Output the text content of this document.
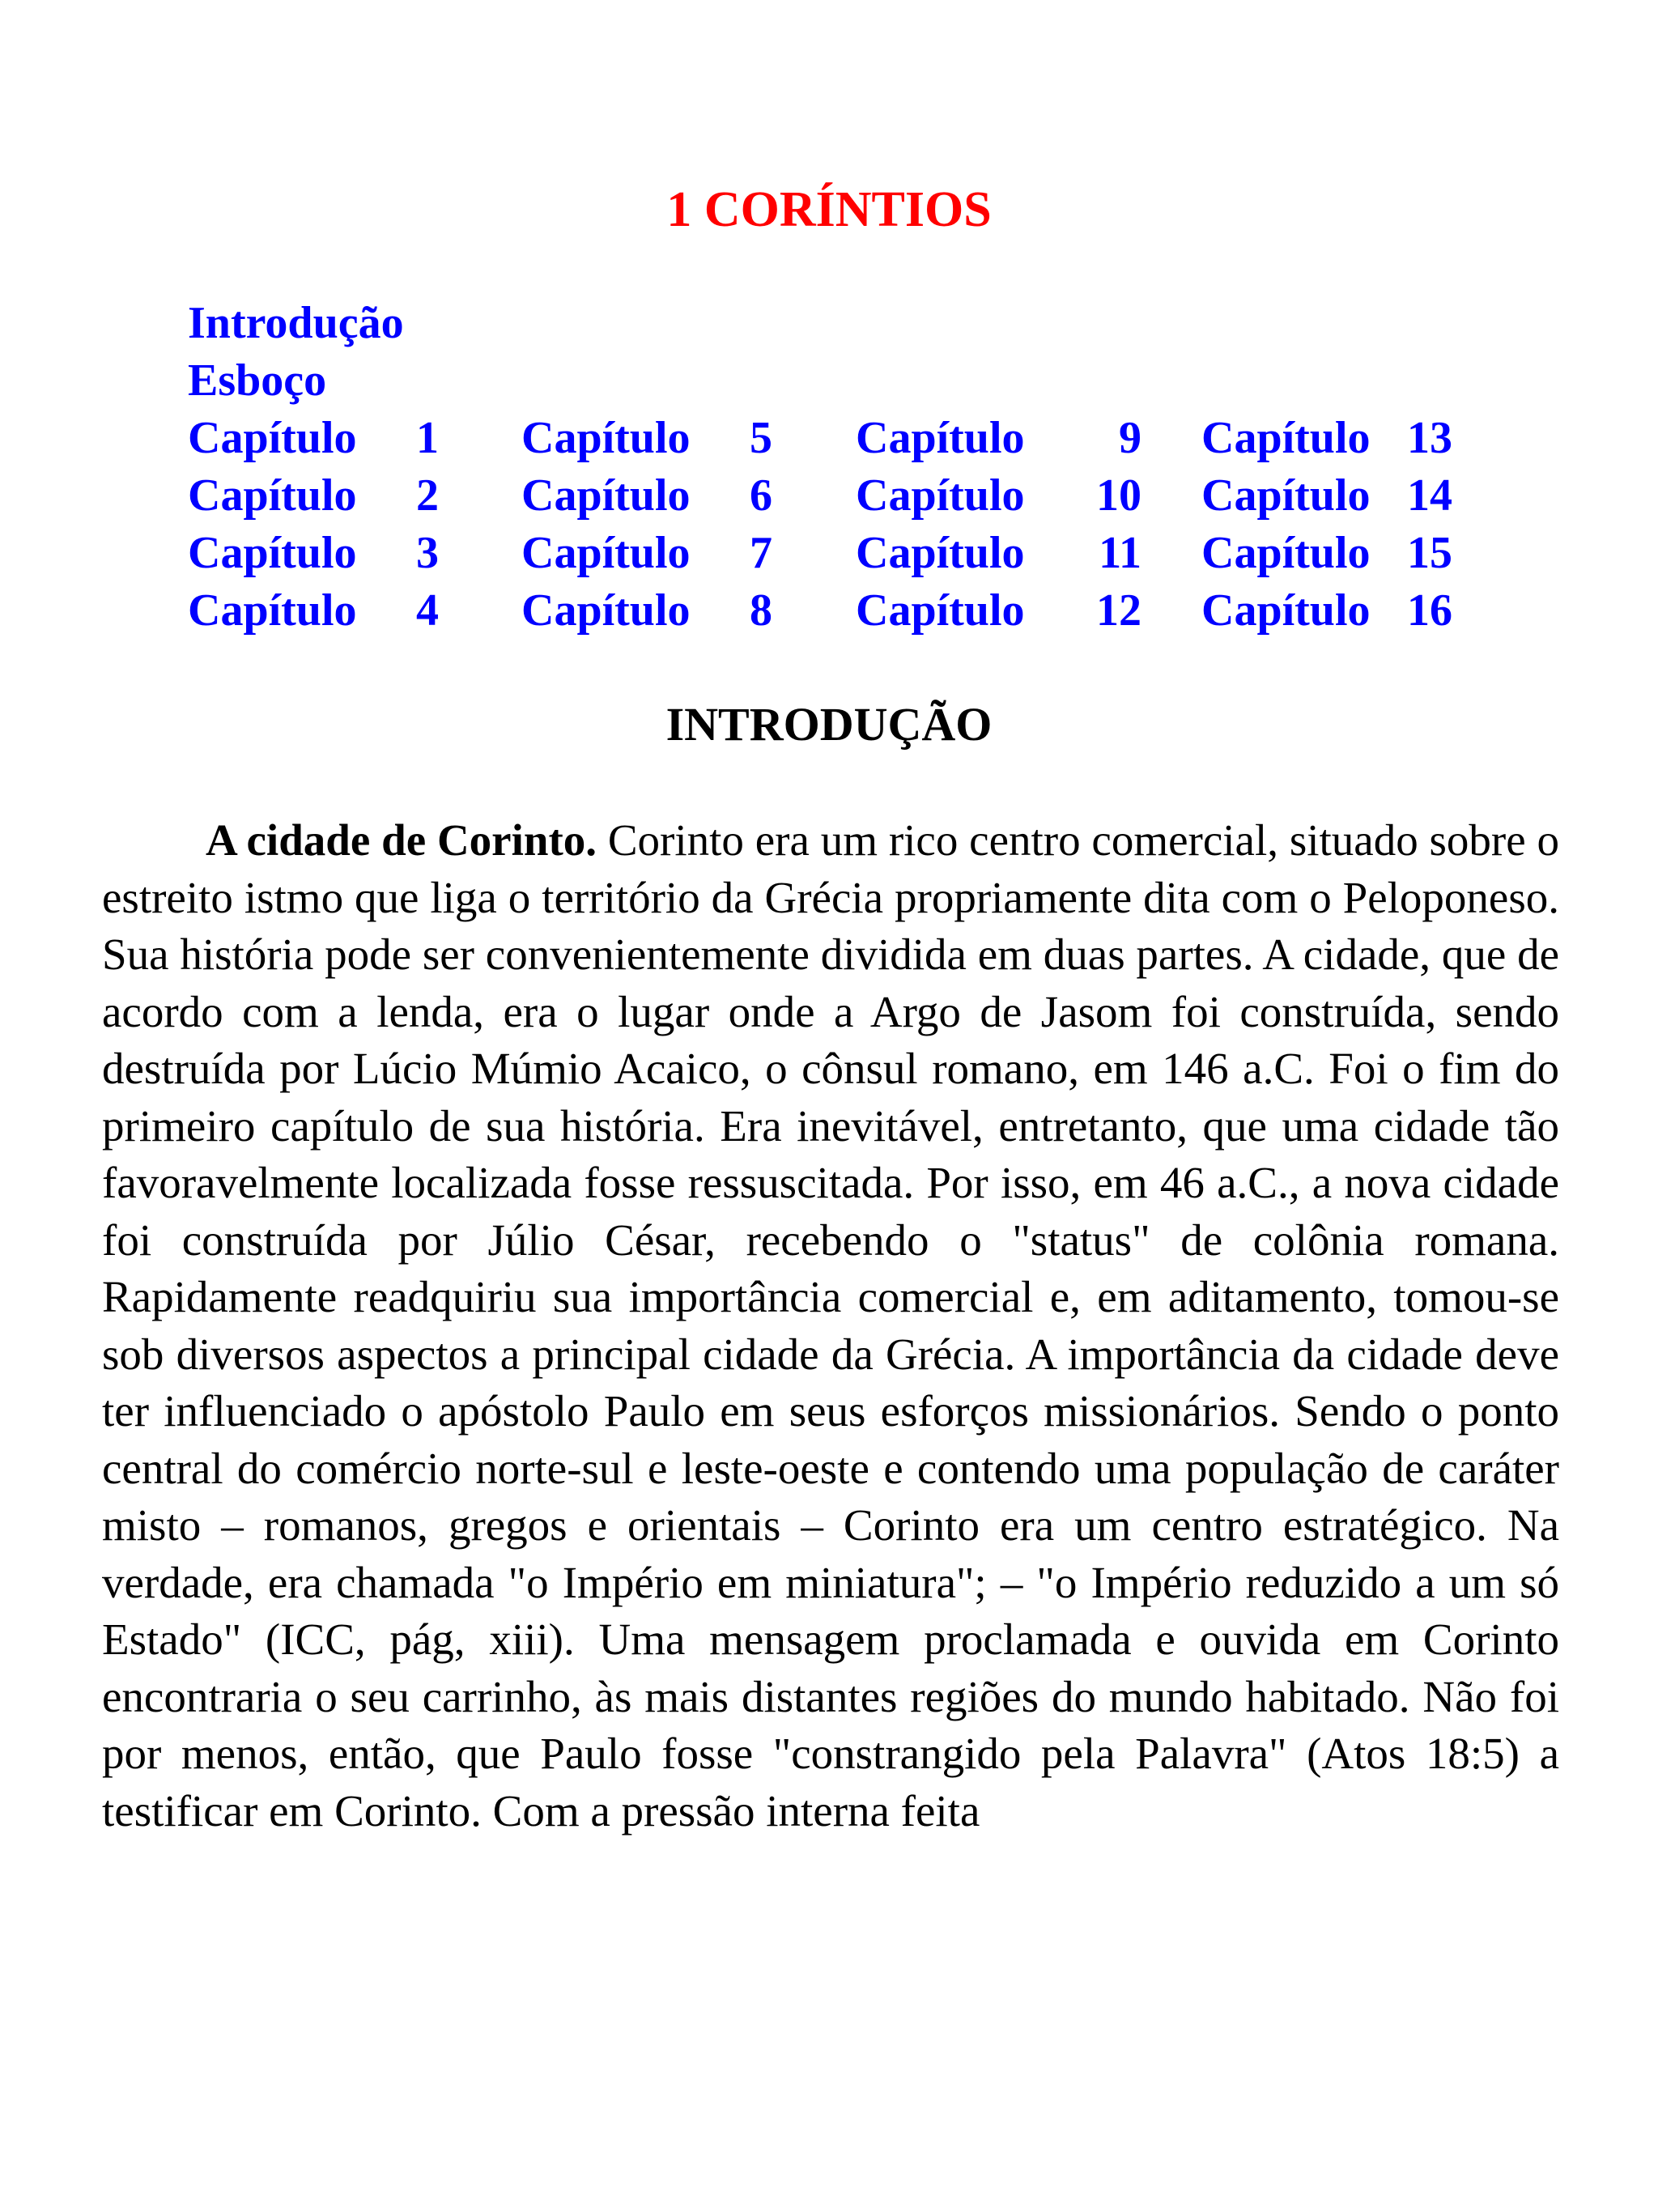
1 CORÍNTIOS
Introdução
Esboço
Capítulo 1
Capítulo 2
Capítulo 3
Capítulo 4
Capítulo 5
Capítulo 6
Capítulo 7
Capítulo 8
Capítulo 9
Capítulo 10
Capítulo 11
Capítulo 12
Capítulo 13
Capítulo 14
Capítulo 15
Capítulo 16
INTRODUÇÃO

A cidade de Corinto. Corinto era um rico centro comercial, situado sobre o estreito istmo que liga o território da Grécia propriamente dita com o Peloponeso. Sua história pode ser convenientemente dividida em duas partes. A cidade, que de acordo com a lenda, era o lugar onde a Argo de Jasom foi construída, sendo destruída por Lúcio Múmio Acaico, o cônsul romano, em 146 a.C. Foi o fim do primeiro capítulo de sua história. Era inevitável, entretanto, que uma cidade tão favoravelmente localizada fosse ressuscitada. Por isso, em 46 a.C., a nova cidade foi construída por Júlio César, recebendo o "status" de colônia romana. Rapidamente readquiriu sua importância comercial e, em aditamento, tomou-se sob diversos aspectos a principal cidade da Grécia. A importância da cidade deve ter influenciado o apóstolo Paulo em seus esforços missionários. Sendo o ponto central do comércio norte-sul e leste-oeste e contendo uma população de caráter misto – romanos, gregos e orientais – Corinto era um centro estratégico. Na verdade, era chamada "o Império em miniatura"; – "o Império reduzido a um só Estado" (ICC, pág, xiii). Uma mensagem proclamada e ouvida em Corinto encontraria o seu carrinho, às mais distantes regiões do mundo habitado. Não foi por menos, então, que Paulo fosse "constrangido pela Palavra" (Atos 18:5) a testificar em Corinto. Com a pressão interna feita
